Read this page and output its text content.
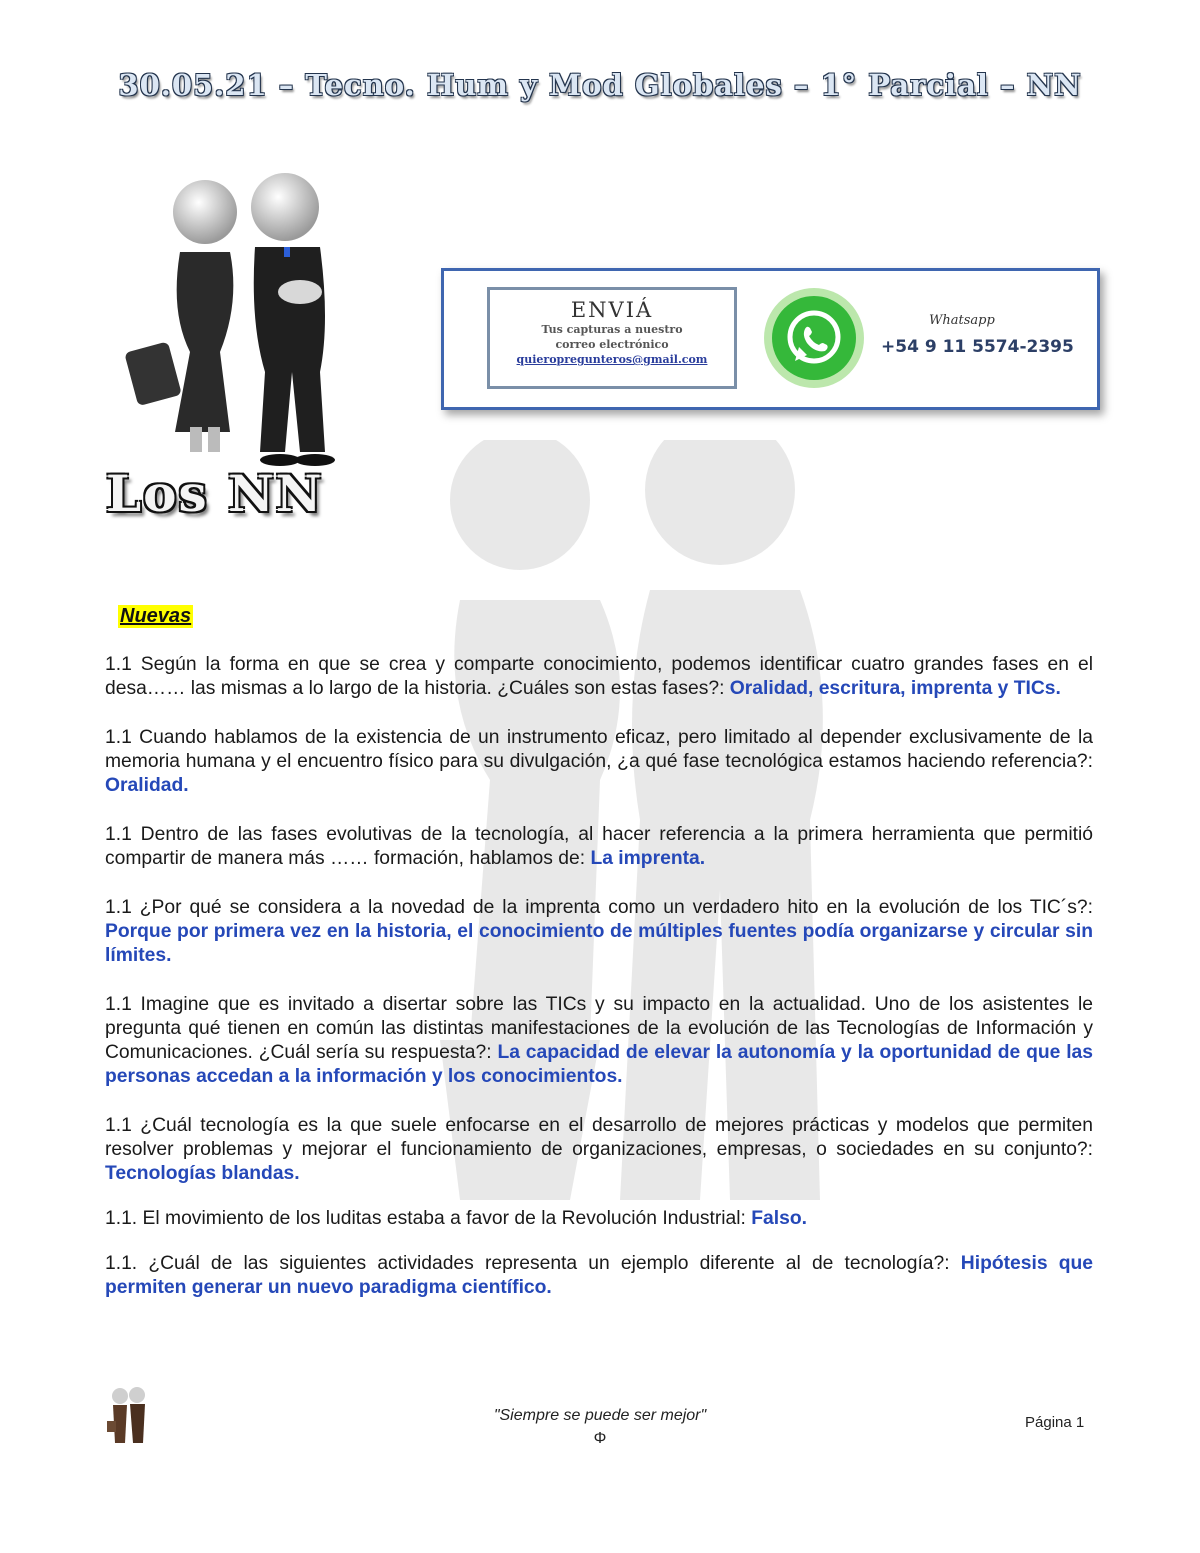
30.05.21 – Tecno. Hum y Mod Globales – 1° Parcial – NN
Los NN
ENVIÁ
Tus capturas a nuestro
correo electrónico
quieropregunteros@gmail.com
Whatsapp
+54 9 11 5574-2395
Nuevas

1.1 Según la forma en que se crea y comparte conocimiento, podemos identificar cuatro grandes fases en el desa…… las mismas a lo largo de la historia. ¿Cuáles son estas fases?: Oralidad, escritura, imprenta y TICs.

1.1 Cuando hablamos de la existencia de un instrumento eficaz, pero limitado al depender exclusivamente de la memoria humana y el encuentro físico para su divulgación, ¿a qué fase tecnológica estamos haciendo referencia?: Oralidad.

1.1 Dentro de las fases evolutivas de la tecnología, al hacer referencia a la primera herramienta que permitió compartir de manera más …… formación, hablamos de: La imprenta.

1.1 ¿Por qué se considera a la novedad de la imprenta como un verdadero hito en la evolución de los TIC´s?: Porque por primera vez en la historia, el conocimiento de múltiples fuentes podía organizarse y circular sin límites.

1.1 Imagine que es invitado a disertar sobre las TICs y su impacto en la actualidad. Uno de los asistentes le pregunta qué tienen en común las distintas manifestaciones de la evolución de las Tecnologías de Información y Comunicaciones. ¿Cuál sería su respuesta?: La capacidad de elevar la autonomía y la oportunidad de que las personas accedan a la información y los conocimientos.

1.1 ¿Cuál tecnología es la que suele enfocarse en el desarrollo de mejores prácticas y modelos que permiten resolver problemas y mejorar el funcionamiento de organizaciones, empresas, o sociedades en su conjunto?: Tecnologías blandas.

1.1. El movimiento de los luditas estaba a favor de la Revolución Industrial: Falso.

1.1. ¿Cuál de las siguientes actividades representa un ejemplo diferente al de tecnología?: Hipótesis que permiten generar un nuevo paradigma científico.

"Siempre se puede ser mejor"
Φ
Página 1
